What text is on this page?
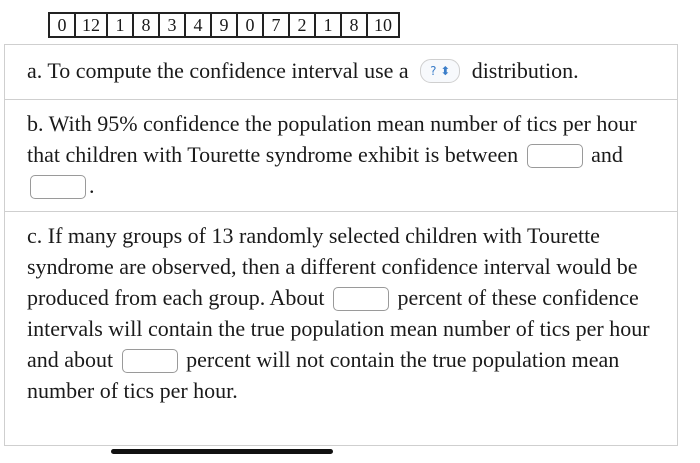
0	12	1	8	3	4	9	0	7	2	1	8	10
a. To compute the confidence interval use a ? ⬍ distribution.
b. With 95% confidence the population mean number of tics per hour that children with Tourette syndrome exhibit is between	and .
c. If many groups of 13 randomly selected children with Tourette syndrome are observed, then a different confidence interval would be produced from each group. About	percent of these confidence intervals will contain the true population mean number of tics per hour and about	percent will not contain the true population mean number of tics per hour.
